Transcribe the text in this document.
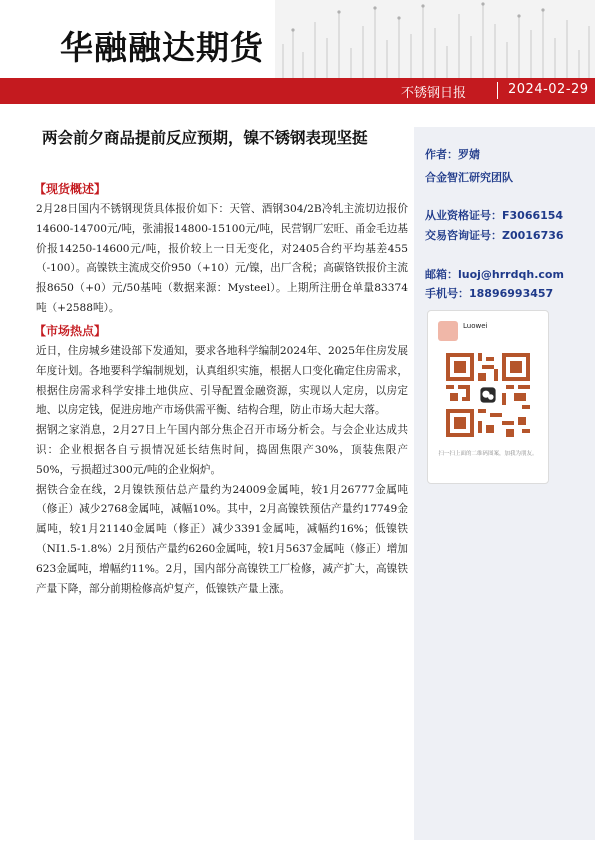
华融融达期货
不锈钢日报	2024-02-29
两会前夕商品提前反应预期，镍不锈钢表现坚挺
作者：罗婧
合金智汇研究团队
从业资格证号：F3066154
交易咨询证号：Z0016736
邮箱：luoj@hrrdqh.com
手机号：18896993457
Luowei
扫一扫上面的二维码图案，加我为朋友。
【现货概述】

2月28日国内不锈钢现货具体报价如下：天管、酒钢304/2B冷轧主流切边报价14600-14700元/吨，张浦报14800-15100元/吨，民营钢厂宏旺、甬金毛边基价报14250-14600元/吨，报价较上一日无变化，对2405合约平均基差455（-100）。高镍铁主流成交价950（+10）元/镍，出厂含税；高碳铬铁报价主流报8650（+0）元/50基吨（数据来源：Mysteel）。上期所注册仓单量83374吨（+2588吨）。

【市场热点】

近日，住房城乡建设部下发通知，要求各地科学编制2024年、2025年住房发展年度计划。各地要科学编制规划，认真组织实施，根据人口变化确定住房需求，根据住房需求科学安排土地供应、引导配置金融资源，实现以人定房，以房定地、以房定钱，促进房地产市场供需平衡、结构合理，防止市场大起大落。

据钢之家消息，2月27日上午国内部分焦企召开市场分析会。与会企业达成共识：企业根据各自亏损情况延长结焦时间，捣固焦限产30%，顶装焦限产50%，亏损超过300元/吨的企业焖炉。

据铁合金在线，2月镍铁预估总产量约为24009金属吨，较1月26777金属吨（修正）减少2768金属吨，减幅10%。其中，2月高镍铁预估产量约17749金属吨，较1月21140金属吨（修正）减少3391金属吨，减幅约16%；低镍铁（NI1.5-1.8%）2月预估产量约6260金属吨，较1月5637金属吨（修正）增加623金属吨，增幅约11%。2月，国内部分高镍铁工厂检修，减产扩大，高镍铁产量下降，部分前期检修高炉复产，低镍铁产量上涨。
